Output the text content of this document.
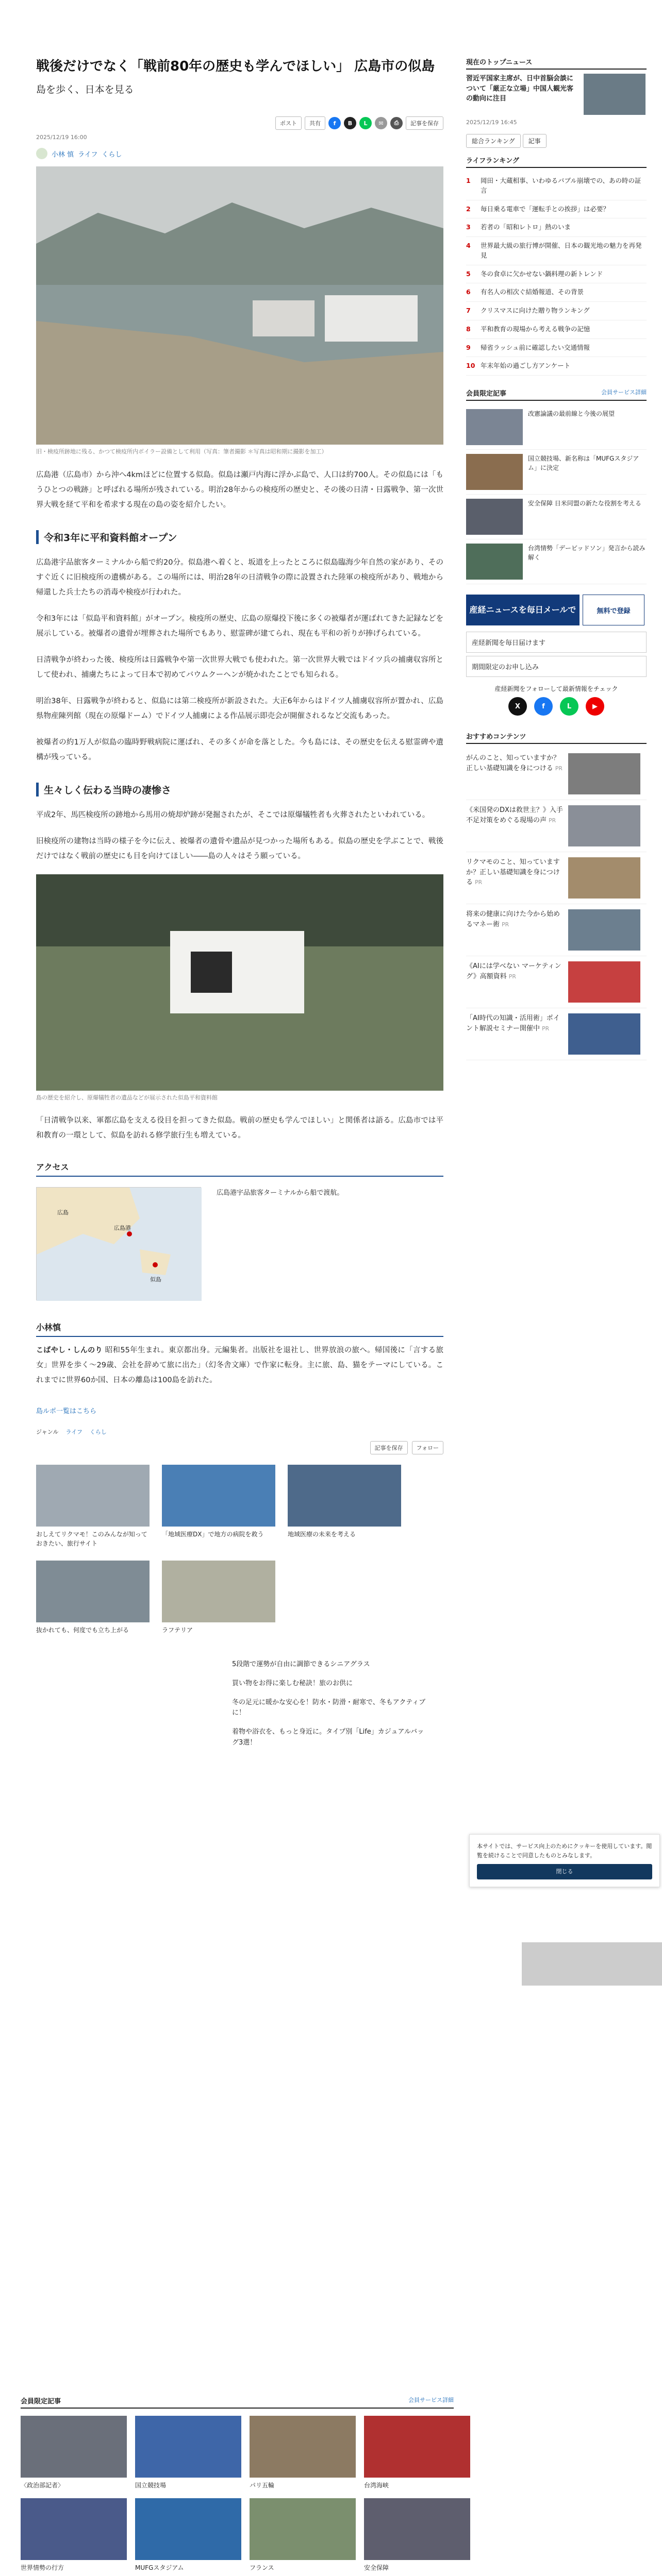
戦後だけでなく「戦前80年の歴史も学んでほしい」 広島市の似島
島を歩く、日本を見る
ポスト	共有	f	B	L	✉	⎙	記事を保存
2025/12/19 16:00
小林 慎 ライフ くらし
旧・検疫所跡地に残る、かつて検疫所内ボイラー設備として利用（写真：筆者撮影 ＊写真は昭和期に撮影を加工）

広島港（広島市）から沖へ4kmほどに位置する似島。似島は瀬戸内海に浮かぶ島で、人口は約700人。その似島には「もうひとつの戦跡」と呼ばれる場所が残されている。明治28年からの検疫所の歴史と、その後の日清・日露戦争、第一次世界大戦を経て平和を希求する現在の島の姿を紹介したい。

令和3年に平和資料館オープン

広島港宇品旅客ターミナルから船で約20分。似島港へ着くと、坂道を上ったところに似島臨海少年自然の家があり、そのすぐ近くに旧検疫所の遺構がある。この場所には、明治28年の日清戦争の際に設置された陸軍の検疫所があり、戦地から帰還した兵士たちの消毒や検疫が行われた。

令和3年には「似島平和資料館」がオープン。検疫所の歴史、広島の原爆投下後に多くの被爆者が運ばれてきた記録などを展示している。被爆者の遺骨が埋葬された場所でもあり、慰霊碑が建てられ、現在も平和の祈りが捧げられている。

日清戦争が終わった後、検疫所は日露戦争や第一次世界大戦でも使われた。第一次世界大戦ではドイツ兵の捕虜収容所として使われ、捕虜たちによって日本で初めてバウムクーヘンが焼かれたことでも知られる。

明治38年、日露戦争が終わると、似島には第二検疫所が新設された。大正6年からはドイツ人捕虜収容所が置かれ、広島県物産陳列館（現在の原爆ドーム）でドイツ人捕虜による作品展示即売会が開催されるなど交流もあった。

被爆者の約1万人が似島の臨時野戦病院に運ばれ、その多くが命を落とした。今も島には、その歴史を伝える慰霊碑や遺構が残っている。

生々しく伝わる当時の凄惨さ

平成2年、馬匹検疫所の跡地から馬用の焼却炉跡が発掘されたが、そこでは原爆犠牲者も火葬されたといわれている。

旧検疫所の建物は当時の様子を今に伝え、被爆者の遺骨や遺品が見つかった場所もある。似島の歴史を学ぶことで、戦後だけではなく戦前の歴史にも目を向けてほしい――島の人々はそう願っている。

島の歴史を紹介し、原爆犠牲者の遺品などが展示された似島平和資料館

「日清戦争以来、軍都広島を支える役目を担ってきた似島。戦前の歴史も学んでほしい」と関係者は語る。広島市では平和教育の一環として、似島を訪れる修学旅行生も増えている。

アクセス
広島港
似島
広島
広島港宇品旅客ターミナルから船で渡航。
小林慎

こばやし・しんのり 昭和55年生まれ。東京都出身。元編集者。出版社を退社し、世界放浪の旅へ。帰国後に「言する旅女」世界を歩く〜29歳、会社を辞めて旅に出た」（幻冬舎文庫）で作家に転身。主に旅、島、猫をテーマにしている。これまでに世界60か国、日本の離島は100島を訪れた。

島ルポ一覧はこちら
ジャンル ライフ くらし
記事を保存	フォロー
おしえてリクマモ！このみんなが知っておきたい、旅行サイト
「地域医療DX」で地方の病院を救う	地域医療の未来を考える
抜かれても、何度でも立ち上がる	ラフテリア
5段階で運勢が自由に調節できるシニアグラス
買い物をお得に楽しむ秘訣！旅のお供に
冬の足元に暖かな安心を！防水・防滑・耐寒で、冬もアクティブに！
着物や浴衣を、もっと身近に。タイプ別「Life」カジュアルバッグ3選！
現在のトップニュース
習近平国家主席が、日中首脳会談について「厳正な立場」中国人観光客の動向に注目
2025/12/19 16:45
総合ランキング	記事
ライフランキング
1	岡田・大蔵相事、いわゆるバブル崩壊での、あの時の証言
2	毎日乗る電車で「運転手との挨拶」は必要？
3	若者の「昭和レトロ」熱のいま
4	世界最大級の旅行博が開催、日本の観光地の魅力を再発見
5	冬の食卓に欠かせない鍋料理の新トレンド
6	有名人の相次ぐ結婚報道、その背景
7	クリスマスに向けた贈り物ランキング
8	平和教育の現場から考える戦争の記憶
9	帰省ラッシュ前に確認したい交通情報
10 年末年始の過ごし方アンケート
会員限定記事	会員サービス詳細
改憲論議の最前線と今後の展望
国立競技場、新名称は「MUFGスタジアム」に決定
安全保障 日米同盟の新たな役割を考える
台湾情勢「デービッドソン」発言から読み解く
産経ニュースを毎日メールで	無料で登録
産経新聞を毎日届けます
期間限定のお申し込み
産経新聞をフォローして最新情報をチェック
X	f	L	▶
おすすめコンテンツ
がんのこと、知っていますか？正しい基礎知識を身につける PR
《米国発のDXは救世主？》入手不足対策をめぐる現場の声 PR
リクマモのこと、知っていますか？正しい基礎知識を身につける PR
将来の健康に向けた今から始めるマネー術 PR
《AIには学べない マーケティング》高額資料 PR
「AI時代の知識・活用術」ポイント解説セミナー開催中 PR
本サイトでは、サービス向上のためにクッキーを使用しています。閲覧を続けることで同意したものとみなします。
閉じる
会員限定記事	会員サービス詳細
〈政治部記者〉	国立競技場	パリ五輪	台湾海峡
世界情勢の行方	MUFGスタジアム	フランス	安全保障
